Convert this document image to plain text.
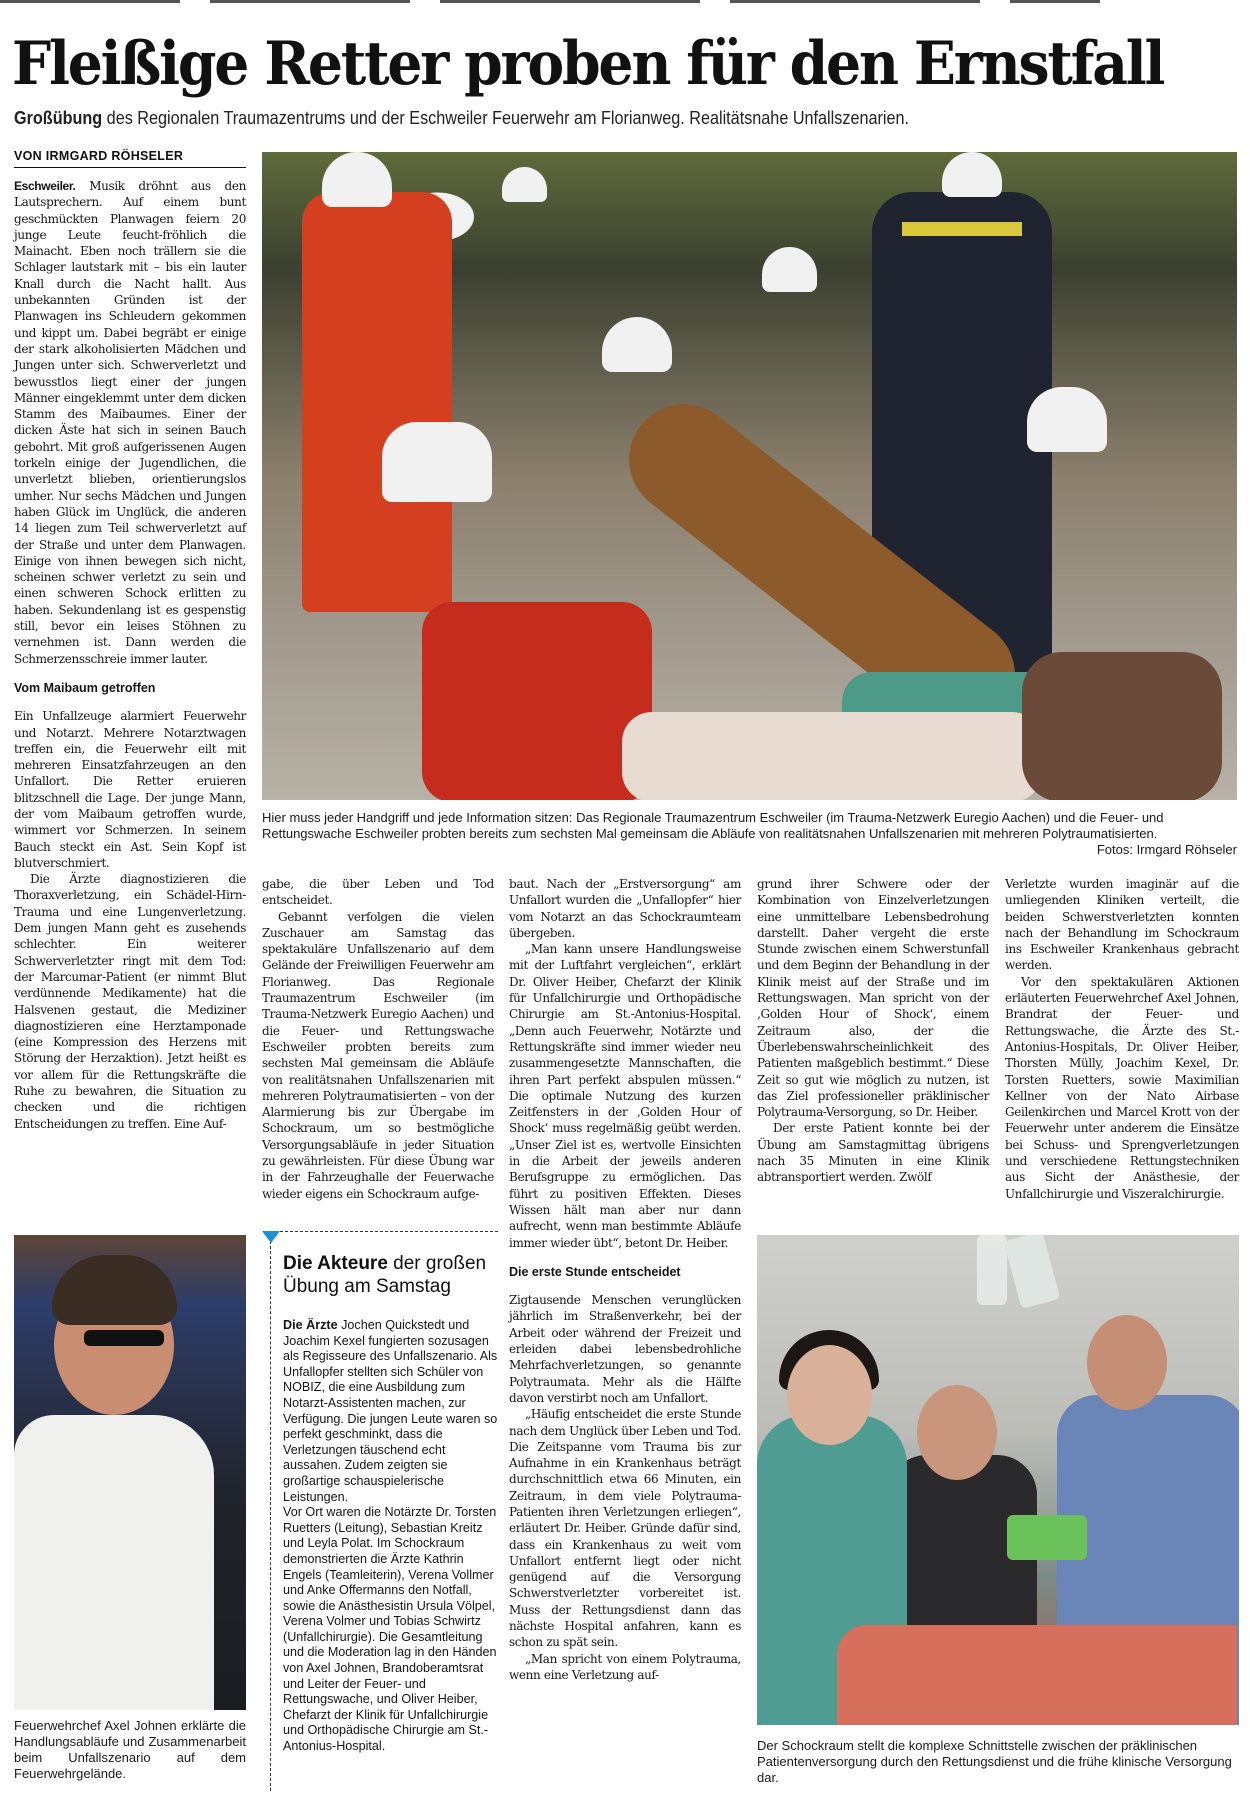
Fleißige Retter proben für den Ernstfall
Großübung des Regionalen Traumazentrums und der Eschweiler Feuerwehr am Florianweg. Realitätsnahe Unfallszenarien.
VON IRMGARD RÖHSELER

Eschweiler. Musik dröhnt aus den Lautsprechern. Auf einem bunt geschmückten Planwagen feiern 20 junge Leute feucht-fröhlich die Mainacht. Eben noch trällern sie die Schlager lautstark mit – bis ein lauter Knall durch die Nacht hallt. Aus unbekannten Gründen ist der Planwagen ins Schleudern gekommen und kippt um. Dabei begräbt er einige der stark alkoholisierten Mädchen und Jungen unter sich. Schwerverletzt und bewusstlos liegt einer der jungen Männer eingeklemmt unter dem dicken Stamm des Maibaumes. Einer der dicken Äste hat sich in seinen Bauch gebohrt. Mit groß aufgerissenen Augen torkeln einige der Jugendlichen, die unverletzt blieben, orientierungslos umher. Nur sechs Mädchen und Jungen haben Glück im Unglück, die anderen 14 liegen zum Teil schwerverletzt auf der Straße und unter dem Planwagen. Einige von ihnen bewegen sich nicht, scheinen schwer verletzt zu sein und einen schweren Schock erlitten zu haben. Sekundenlang ist es gespenstig still, bevor ein leises Stöhnen zu vernehmen ist. Dann werden die Schmerzensschreie immer lauter.

Vom Maibaum getroffen

Ein Unfallzeuge alarmiert Feuerwehr und Notarzt. Mehrere Notarztwagen treffen ein, die Feuerwehr eilt mit mehreren Einsatzfahrzeugen an den Unfallort. Die Retter eruieren blitzschnell die Lage. Der junge Mann, der vom Maibaum getroffen wurde, wimmert vor Schmerzen. In seinem Bauch steckt ein Ast. Sein Kopf ist blutverschmiert.

Die Ärzte diagnostizieren die Thoraxverletzung, ein Schädel-Hirn-Trauma und eine Lungenverletzung. Dem jungen Mann geht es zusehends schlechter. Ein weiterer Schwerverletzter ringt mit dem Tod: der Marcumar-Patient (er nimmt Blut verdünnende Medikamente) hat die Halsvenen gestaut, die Mediziner diagnostizieren eine Herztamponade (eine Kompression des Herzens mit Störung der Herzaktion). Jetzt heißt es vor allem für die Rettungskräfte die Ruhe zu bewahren, die Situation zu checken und die richtigen Entscheidungen zu treffen. Eine Auf-

Hier muss jeder Handgriff und jede Information sitzen: Das Regionale Traumazentrum Eschweiler (im Trauma-Netzwerk Euregio Aachen) und die Feuer- und Rettungswache Eschweiler probten bereits zum sechsten Mal gemeinsam die Abläufe von realitätsnahen Unfallszenarien mit mehreren Polytraumatisierten.
Fotos: Irmgard Röhseler

gabe, die über Leben und Tod entscheidet.

Gebannt verfolgen die vielen Zuschauer am Samstag das spektakuläre Unfallszenario auf dem Gelände der Freiwilligen Feuerwehr am Florianweg. Das Regionale Traumazentrum Eschweiler (im Trauma-Netzwerk Euregio Aachen) und die Feuer- und Rettungswache Eschweiler probten bereits zum sechsten Mal gemeinsam die Abläufe von realitätsnahen Unfallszenarien mit mehreren Polytraumatisierten – von der Alarmierung bis zur Übergabe im Schockraum, um so bestmögliche Versorgungsabläufe in jeder Situation zu gewährleisten. Für diese Übung war in der Fahrzeughalle der Feuerwache wieder eigens ein Schockraum aufge-

baut. Nach der „Erstversorgung“ am Unfallort wurden die „Unfallopfer“ hier vom Notarzt an das Schockraumteam übergeben.

„Man kann unsere Handlungsweise mit der Luftfahrt vergleichen“, erklärt Dr. Oliver Heiber, Chefarzt der Klinik für Unfallchirurgie und Orthopädische Chirurgie am St.-Antonius-Hospital. „Denn auch Feuerwehr, Notärzte und Rettungskräfte sind immer wieder neu zusammengesetzte Mannschaften, die ihren Part perfekt abspulen müssen.“ Die optimale Nutzung des kurzen Zeitfensters in der ‚Golden Hour of Shock‘ muss regelmäßig geübt werden. „Unser Ziel ist es, wertvolle Einsichten in die Arbeit der jeweils anderen Berufsgruppe zu ermöglichen. Das führt zu positiven Effekten. Dieses Wissen hält man aber nur dann aufrecht, wenn man bestimmte Abläufe immer wieder übt“, betont Dr. Heiber.

Die erste Stunde entscheidet

Zigtausende Menschen verunglücken jährlich im Straßenverkehr, bei der Arbeit oder während der Freizeit und erleiden dabei lebensbedrohliche Mehrfachverletzungen, so genannte Polytraumata. Mehr als die Hälfte davon verstirbt noch am Unfallort.

„Häufig entscheidet die erste Stunde nach dem Unglück über Leben und Tod. Die Zeitspanne vom Trauma bis zur Aufnahme in ein Krankenhaus beträgt durchschnittlich etwa 66 Minuten, ein Zeitraum, in dem viele Polytrauma-Patienten ihren Verletzungen erliegen“, erläutert Dr. Heiber. Gründe dafür sind, dass ein Krankenhaus zu weit vom Unfallort entfernt liegt oder nicht genügend auf die Versorgung Schwerstverletzter vorbereitet ist. Muss der Rettungsdienst dann das nächste Hospital anfahren, kann es schon zu spät sein.

„Man spricht von einem Polytrauma, wenn eine Verletzung auf-

grund ihrer Schwere oder der Kombination von Einzelverletzungen eine unmittelbare Lebensbedrohung darstellt. Daher vergeht die erste Stunde zwischen einem Schwerstunfall und dem Beginn der Behandlung in der Klinik meist auf der Straße und im Rettungswagen. Man spricht von der ‚Golden Hour of Shock‘, einem Zeitraum also, der die Überlebenswahrscheinlichkeit des Patienten maßgeblich bestimmt.“ Diese Zeit so gut wie möglich zu nutzen, ist das Ziel professioneller präklinischer Polytrauma-Versorgung, so Dr. Heiber.

Der erste Patient konnte bei der Übung am Samstagmittag übrigens nach 35 Minuten in eine Klinik abtransportiert werden. Zwölf

Verletzte wurden imaginär auf die umliegenden Kliniken verteilt, die beiden Schwerstverletzten konnten nach der Behandlung im Schockraum ins Eschweiler Krankenhaus gebracht werden.

Vor den spektakulären Aktionen erläuterten Feuerwehrchef Axel Johnen, Brandrat der Feuer- und Rettungswache, die Ärzte des St.-Antonius-Hospitals, Dr. Oliver Heiber, Thorsten Mülly, Joachim Kexel, Dr. Torsten Ruetters, sowie Maximilian Kellner von der Nato Airbase Geilenkirchen und Marcel Krott von der Feuerwehr unter anderem die Einsätze bei Schuss- und Sprengverletzungen und verschiedene Rettungstechniken aus Sicht der Anästhesie, der Unfallchirurgie und Viszeralchirurgie.

Feuerwehrchef Axel Johnen erklärte die Handlungsabläufe und Zusammenarbeit beim Unfallszenario auf dem Feuerwehrgelände.
Die Akteure der großen Übung am Samstag

Die Ärzte Jochen Quickstedt und Joachim Kexel fungierten sozusagen als Regisseure des Unfallszenario. Als Unfallopfer stellten sich Schüler von NOBIZ, die eine Ausbildung zum Notarzt-Assistenten machen, zur Verfügung. Die jungen Leute waren so perfekt geschminkt, dass die Verletzungen täuschend echt aussahen. Zudem zeigten sie großartige schauspielerische Leistungen.

Vor Ort waren die Notärzte Dr. Torsten Ruetters (Leitung), Sebastian Kreitz und Leyla Polat. Im Schockraum demonstrierten die Ärzte Kathrin Engels (Teamleiterin), Verena Vollmer und Anke Offermanns den Notfall, sowie die Anästhesistin Ursula Völpel, Verena Volmer und Tobias Schwirtz (Unfallchirurgie). Die Gesamtleitung und die Moderation lag in den Händen von Axel Johnen, Brandoberamtsrat und Leiter der Feuer- und Rettungswache, und Oliver Heiber, Chefarzt der Klinik für Unfallchirurgie und Orthopädische Chirurgie am St.-Antonius-Hospital.	Der Schockraum stellt die komplexe Schnittstelle zwischen der präklinischen Patientenversorgung durch den Rettungsdienst und die frühe klinische Versorgung dar.
